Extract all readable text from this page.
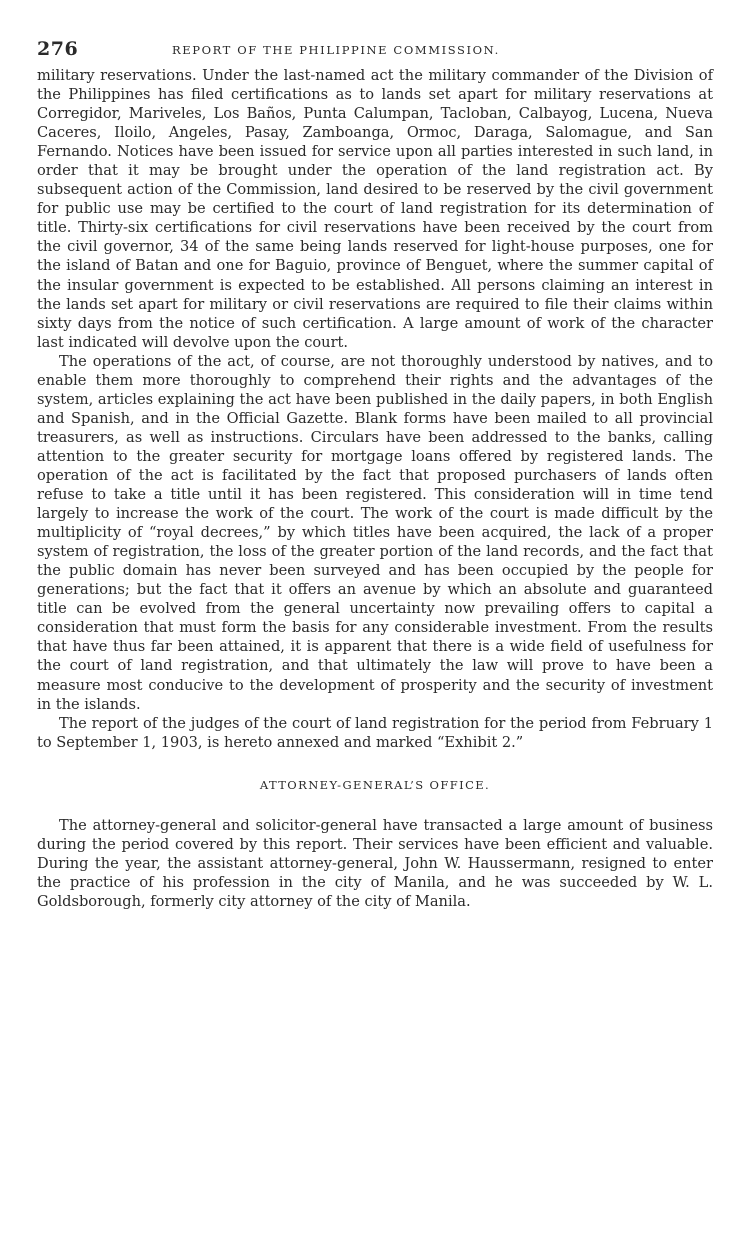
276	REPORT OF THE PHILIPPINE COMMISSION.

military reservations. Under the last-named act the military commander of the Division of the Philippines has filed certifications as to lands set apart for military reservations at Corregidor, Mariveles, Los Baños, Punta Calumpan, Tacloban, Calbayog, Lucena, Nueva Caceres, Iloilo, Angeles, Pasay, Zamboanga, Ormoc, Daraga, Salomague, and San Fernando. Notices have been issued for service upon all parties interested in such land, in order that it may be brought under the operation of the land registration act. By subsequent action of the Commission, land desired to be reserved by the civil government for public use may be certified to the court of land registration for its determination of title. Thirty-six certifications for civil reservations have been received by the court from the civil governor, 34 of the same being lands reserved for light-house purposes, one for the island of Batan and one for Baguio, province of Benguet, where the summer capital of the insular government is expected to be established. All persons claiming an interest in the lands set apart for military or civil reservations are required to file their claims within sixty days from the notice of such certification. A large amount of work of the character last indicated will devolve upon the court.

The operations of the act, of course, are not thoroughly understood by natives, and to enable them more thoroughly to comprehend their rights and the advantages of the system, articles explaining the act have been published in the daily papers, in both English and Spanish, and in the Official Gazette. Blank forms have been mailed to all provincial treasurers, as well as instructions. Circulars have been addressed to the banks, calling attention to the greater security for mortgage loans offered by registered lands. The operation of the act is facilitated by the fact that proposed purchasers of lands often refuse to take a title until it has been registered. This consideration will in time tend largely to increase the work of the court. The work of the court is made difficult by the multiplicity of “royal decrees,” by which titles have been acquired, the lack of a proper system of registration, the loss of the greater portion of the land records, and the fact that the public domain has never been surveyed and has been occupied by the people for generations; but the fact that it offers an avenue by which an absolute and guaranteed title can be evolved from the general uncertainty now prevailing offers to capital a consideration that must form the basis for any considerable investment. From the results that have thus far been attained, it is apparent that there is a wide field of usefulness for the court of land registration, and that ultimately the law will prove to have been a measure most conducive to the development of prosperity and the security of investment in the islands.

The report of the judges of the court of land registration for the period from February 1 to September 1, 1903, is hereto annexed and marked “Exhibit 2.”

ATTORNEY-GENERAL’S OFFICE.

The attorney-general and solicitor-general have transacted a large amount of business during the period covered by this report. Their services have been efficient and valuable. During the year, the assistant attorney-general, John W. Haussermann, resigned to enter the practice of his profession in the city of Manila, and he was succeeded by W. L. Goldsborough, formerly city attorney of the city of Manila.
